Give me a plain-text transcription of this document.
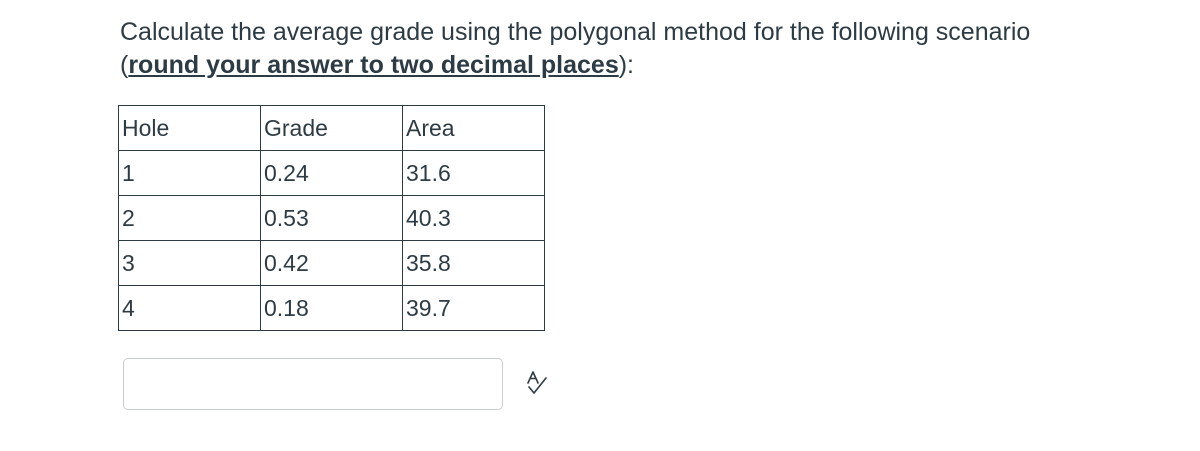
Calculate the average grade using the polygonal method for the following scenario
(round your answer to two decimal places):
Hole	Grade	Area
1	0.24	31.6
2	0.53	40.3
3	0.42	35.8
4	0.18	39.7
